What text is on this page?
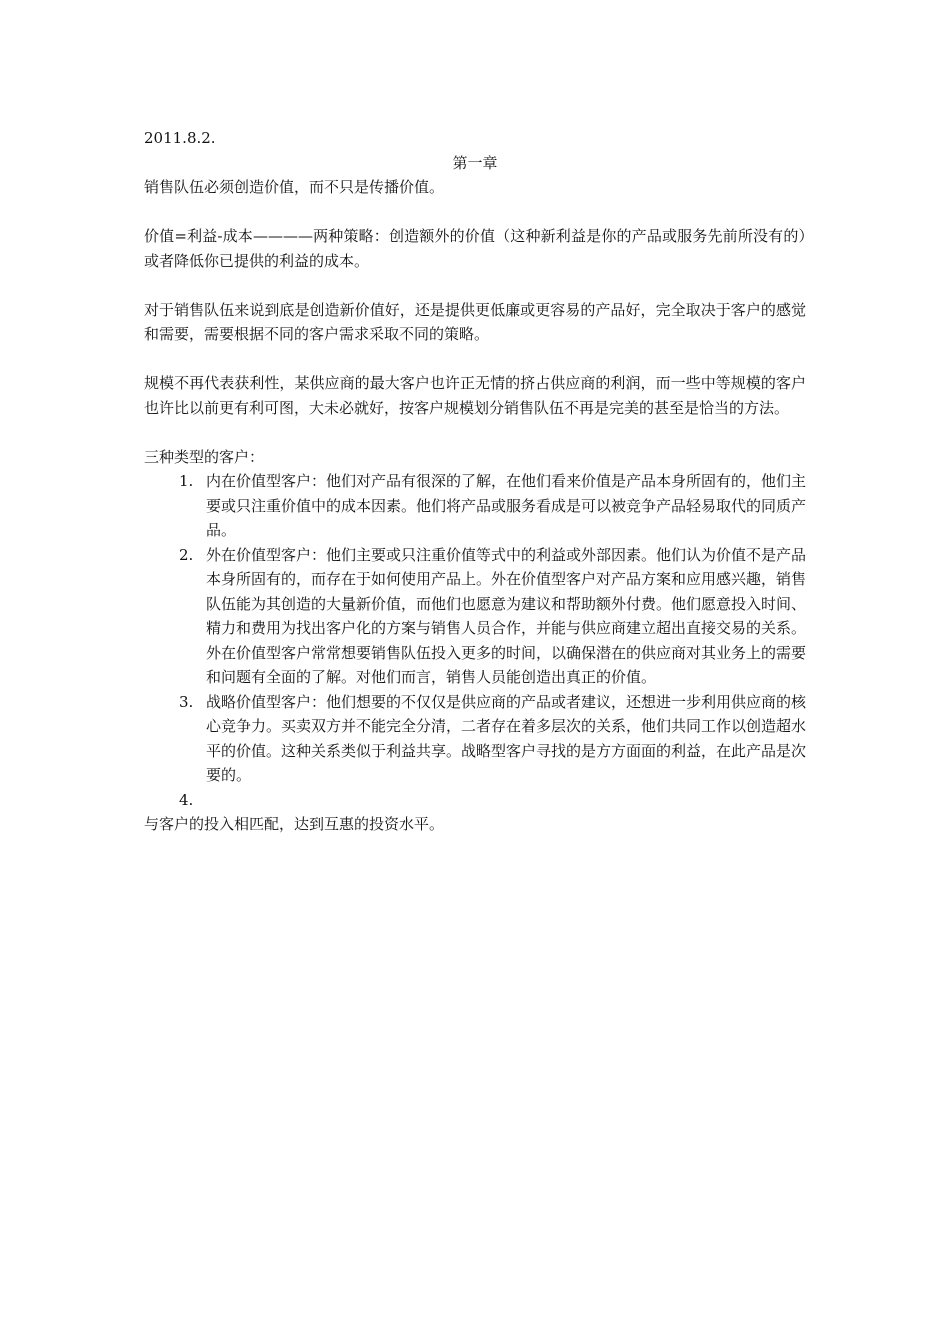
2011.8.2.

第一章

销售队伍必须创造价值，而不只是传播价值。

价值=利益-成本————两种策略：创造额外的价值（这种新利益是你的产品或服务先前所没有的）或者降低你已提供的利益的成本。

对于销售队伍来说到底是创造新价值好，还是提供更低廉或更容易的产品好，完全取决于客户的感觉和需要，需要根据不同的客户需求采取不同的策略。

规模不再代表获利性，某供应商的最大客户也许正无情的挤占供应商的利润，而一些中等规模的客户也许比以前更有利可图，大未必就好，按客户规模划分销售队伍不再是完美的甚至是恰当的方法。

三种类型的客户：

1. 内在价值型客户：他们对产品有很深的了解，在他们看来价值是产品本身所固有的，他们主要或只注重价值中的成本因素。他们将产品或服务看成是可以被竞争产品轻易取代的同质产品。
2. 外在价值型客户：他们主要或只注重价值等式中的利益或外部因素。他们认为价值不是产品本身所固有的，而存在于如何使用产品上。外在价值型客户对产品方案和应用感兴趣，销售队伍能为其创造的大量新价值，而他们也愿意为建议和帮助额外付费。他们愿意投入时间、精力和费用为找出客户化的方案与销售人员合作，并能与供应商建立超出直接交易的关系。外在价值型客户常常想要销售队伍投入更多的时间，以确保潜在的供应商对其业务上的需要和问题有全面的了解。对他们而言，销售人员能创造出真正的价值。
3. 战略价值型客户：他们想要的不仅仅是供应商的产品或者建议，还想进一步利用供应商的核心竞争力。买卖双方并不能完全分清，二者存在着多层次的关系，他们共同工作以创造超水平的价值。这种关系类似于利益共享。战略型客户寻找的是方方面面的利益，在此产品是次要的。
4.

与客户的投入相匹配，达到互惠的投资水平。
